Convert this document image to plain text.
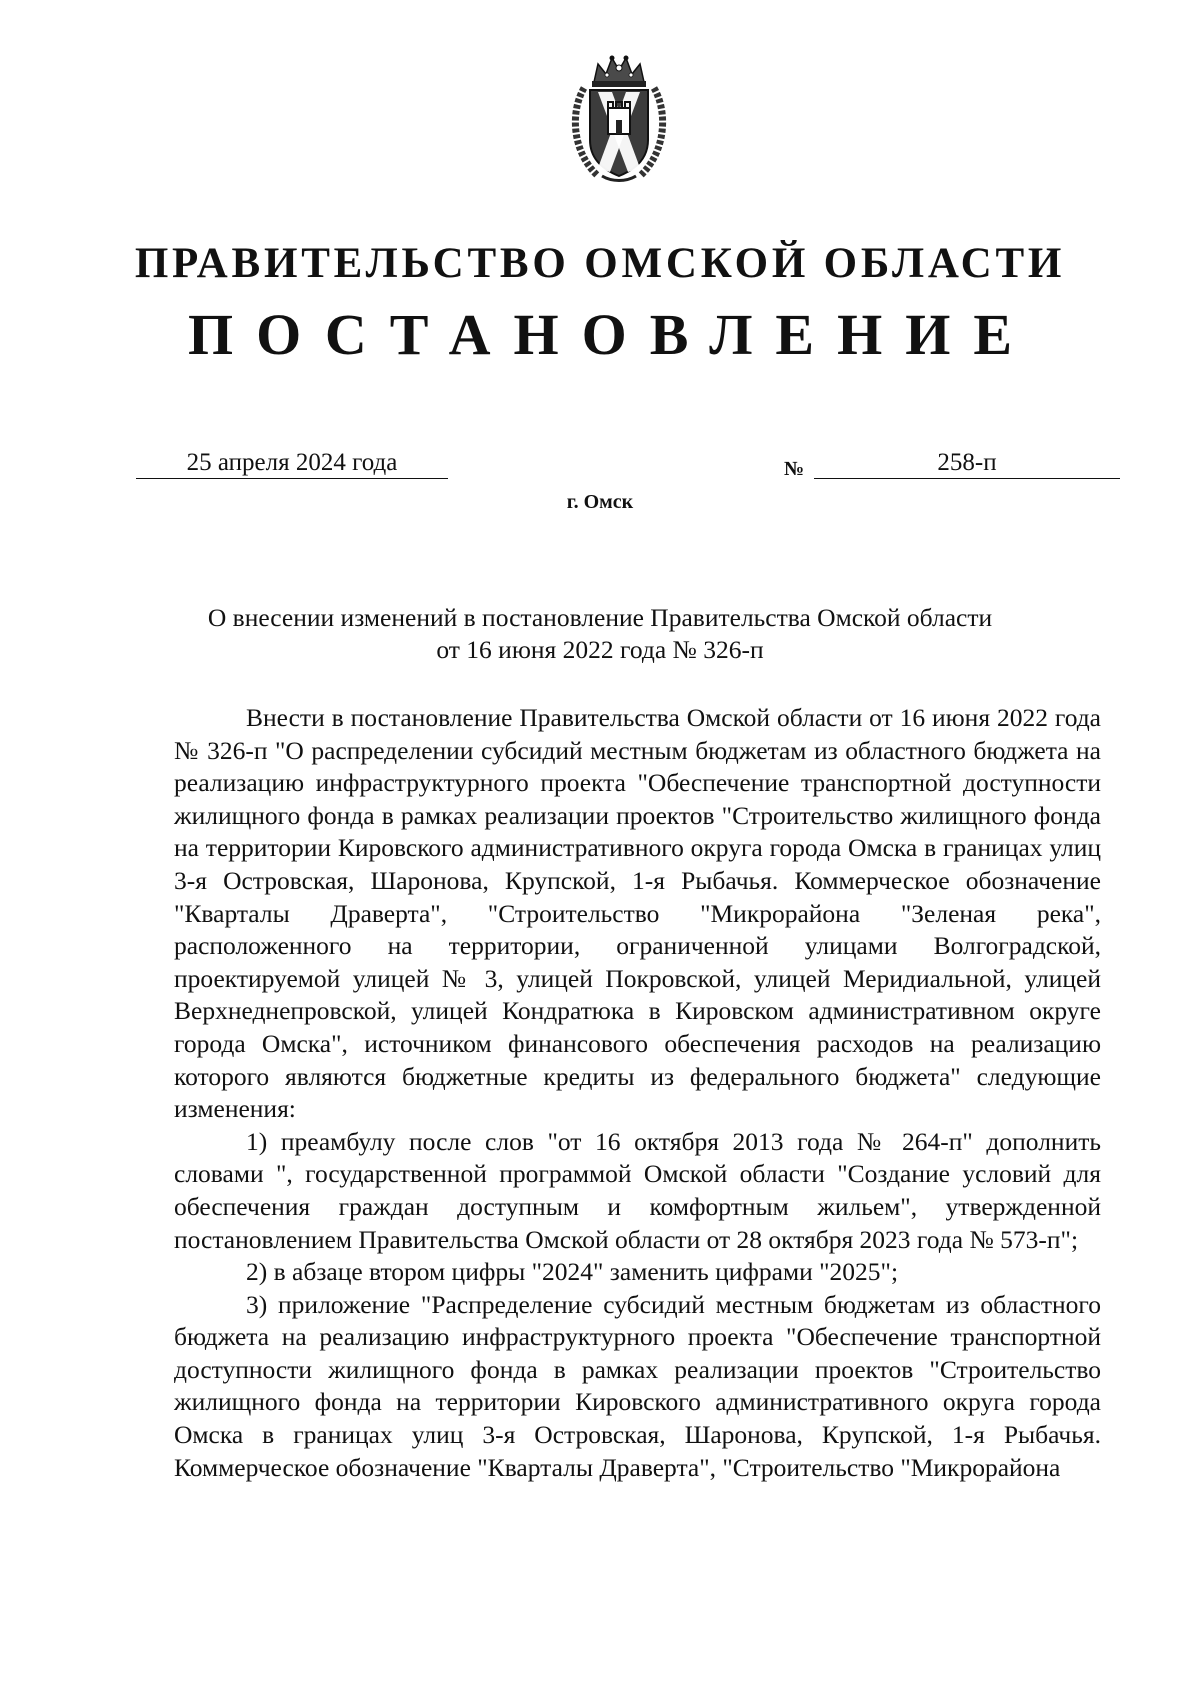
ПРАВИТЕЛЬСТВО ОМСКОЙ ОБЛАСТИ
ПОСТАНОВЛЕНИЕ
25 апреля 2024 года	№	258-п
г. Омск
О внесении изменений в постановление Правительства Омской области
от 16 июня 2022 года № 326-п

Внести в постановление Правительства Омской области от 16 июня 2022 года № 326-п "О распределении субсидий местным бюджетам из областного бюджета на реализацию инфраструктурного проекта "Обеспечение транспортной доступности жилищного фонда в рамках реализации проектов "Строительство жилищного фонда на территории Кировского административного округа города Омска в границах улиц 3-я Островская, Шаронова, Крупской, 1-я Рыбачья. Коммерческое обозначение "Кварталы Драверта", "Строительство "Микрорайона "Зеленая река", расположенного на территории, ограниченной улицами Волгоградской, проектируемой улицей № 3, улицей Покровской, улицей Меридиальной, улицей Верхнеднепровской, улицей Кондратюка в Кировском административном округе города Омска", источником финансового обеспечения расходов на реализацию которого являются бюджетные кредиты из федерального бюджета" следующие изменения:

1) преамбулу после слов "от 16 октября 2013 года № 264-п" дополнить словами ", государственной программой Омской области "Создание условий для обеспечения граждан доступным и комфортным жильем", утвержденной постановлением Правительства Омской области от 28 октября 2023 года № 573-п";

2) в абзаце втором цифры "2024" заменить цифрами "2025";

3) приложение "Распределение субсидий местным бюджетам из областного бюджета на реализацию инфраструктурного проекта "Обеспечение транспортной доступности жилищного фонда в рамках реализации проектов "Строительство жилищного фонда на территории Кировского административного округа города Омска в границах улиц 3-я Островская, Шаронова, Крупской, 1-я Рыбачья. Коммерческое обозначение "Кварталы Драверта", "Строительство "Микрорайона
